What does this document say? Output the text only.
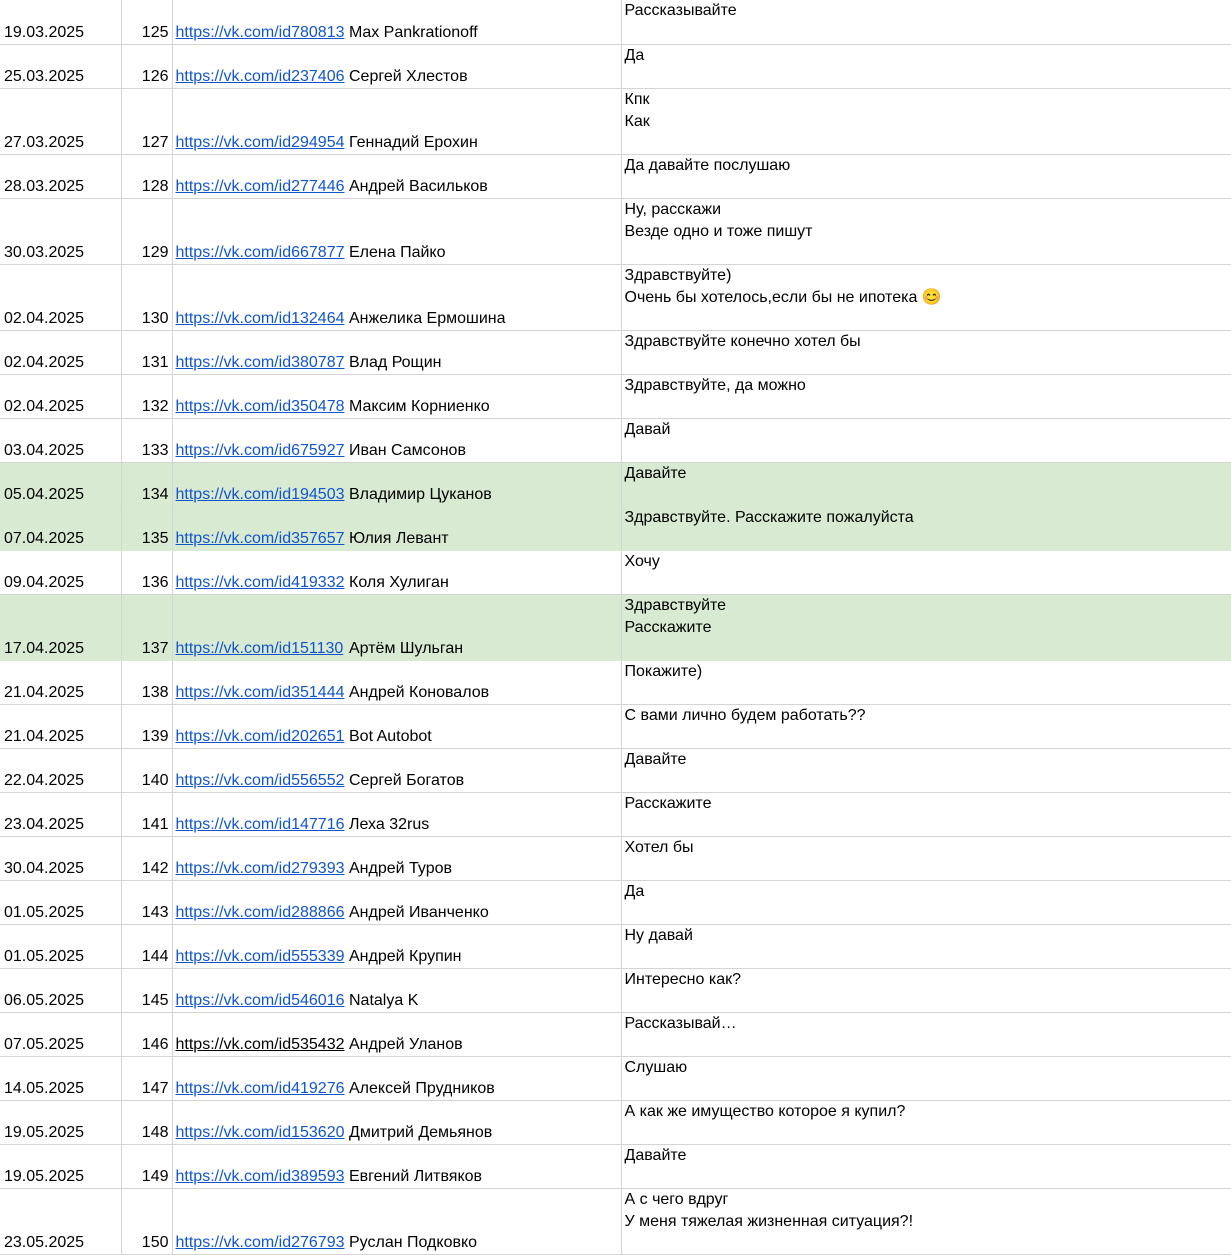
19.03.2025	125	https://vk.com/id780813	Max Pankrationoff	Рассказывайте

25.03.2025	126	https://vk.com/id237406	Сергей Хлестов	Да

27.03.2025	127	https://vk.com/id294954	Геннадий Ерохин	Кпк
Как

28.03.2025	128	https://vk.com/id277446	Андрей Васильков	Да давайте послушаю

30.03.2025	129	https://vk.com/id667877	Елена Пайко	Ну, расскажи
Везде одно и тоже пишут

02.04.2025	130	https://vk.com/id132464	Анжелика Ермошина	Здравствуйте)
Очень бы хотелось,если бы не ипотека 😊

02.04.2025	131	https://vk.com/id380787	Влад Рощин	Здравствуйте конечно хотел бы

02.04.2025	132	https://vk.com/id350478	Максим Корниенко	Здравствуйте, да можно

03.04.2025	133	https://vk.com/id675927	Иван Самсонов	Давай

05.04.2025	134	https://vk.com/id194503	Владимир Цуканов	Давайте

07.04.2025	135	https://vk.com/id357657	Юлия Левант	Здравствуйте. Расскажите пожалуйста

09.04.2025	136	https://vk.com/id419332	Коля Хулиган	Хочу

17.04.2025	137	https://vk.com/id151130	Артём Шульган	Здравствуйте
Расскажите

21.04.2025	138	https://vk.com/id351444	Андрей Коновалов	Покажите)

21.04.2025	139	https://vk.com/id202651	Bot Autobot	С вами лично будем работать??

22.04.2025	140	https://vk.com/id556552	Сергей Богатов	Давайте

23.04.2025	141	https://vk.com/id147716	Леха 32rus	Расскажите

30.04.2025	142	https://vk.com/id279393	Андрей Туров	Хотел бы

01.05.2025	143	https://vk.com/id288866	Андрей Иванченко	Да

01.05.2025	144	https://vk.com/id555339	Андрей Крупин	Ну давай

06.05.2025	145	https://vk.com/id546016	Natalya K	Интересно как?

07.05.2025	146	https://vk.com/id535432	Андрей Уланов	Рассказывай…

14.05.2025	147	https://vk.com/id419276	Алексей Прудников	Слушаю

19.05.2025	148	https://vk.com/id153620	Дмитрий Демьянов	А как же имущество которое я купил?

19.05.2025	149	https://vk.com/id389593	Евгений Литвяков	Давайте

23.05.2025	150	https://vk.com/id276793	Руслан Подковко	А с чего вдруг
У меня тяжелая жизненная ситуация?!
